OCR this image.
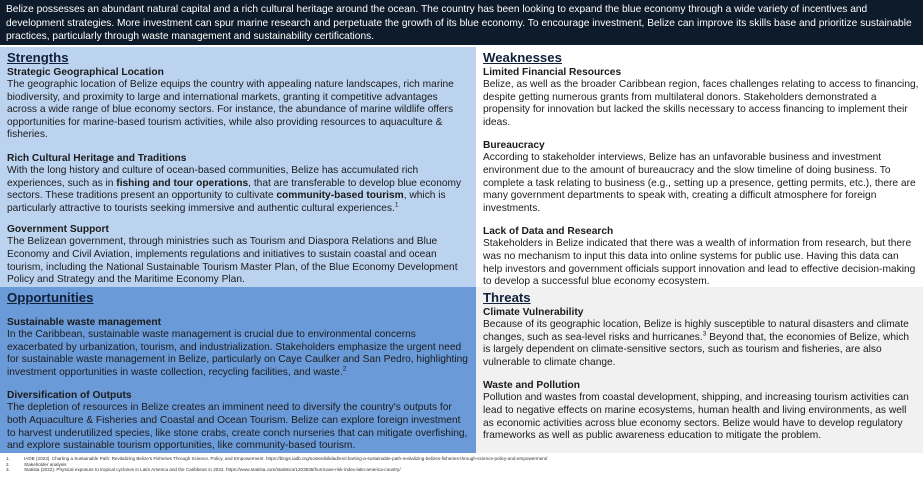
Belize possesses an abundant natural capital and a rich cultural heritage around the ocean. The country has been looking to expand the blue economy through a wide variety of incentives and development strategies. More investment can spur marine research and perpetuate the growth of its blue economy. To encourage investment, Belize can improve its skills base and prioritize sustainable practices, particularly through waste management and sustainability certifications.
Strengths
Strategic Geographical Location
The geographic location of Belize equips the country with appealing nature landscapes, rich marine biodiversity, and proximity to large and international markets, granting it competitive advantages across a wide range of blue economy sectors. For instance, the abundance of marine wildlife offers opportunities for marine-based tourism activities, while also providing resources to aquaculture & fisheries.
Rich Cultural Heritage and Traditions
With the long history and culture of ocean-based communities, Belize has accumulated rich experiences, such as in fishing and tour operations, that are transferable to develop blue economy sectors. These traditions present an opportunity to cultivate community-based tourism, which is particularly attractive to tourists seeking immersive and authentic cultural experiences.$^1$
Government Support
The Belizean government, through ministries such as Tourism and Diaspora Relations and Blue Economy and Civil Aviation, implements regulations and initiatives to sustain coastal and ocean tourism, including the National Sustainable Tourism Master Plan, of the Blue Economy Development Policy and Strategy and the Maritime Economy Plan.
Weaknesses
Limited Financial Resources
Belize, as well as the broader Caribbean region, faces challenges relating to access to financing, despite getting numerous grants from multilateral donors. Stakeholders demonstrated a propensity for innovation but lacked the skills necessary to access financing to implement their ideas.
Bureaucracy
According to stakeholder interviews, Belize has an unfavorable business and investment environment due to the amount of bureaucracy and the slow timeline of doing business. To complete a task relating to business (e.g., setting up a presence, getting permits, etc.), there are many government departments to speak with, creating a difficult atmosphere for foreign investments.
Lack of Data and Research
Stakeholders in Belize indicated that there was a wealth of information from research, but there was no mechanism to input this data into online systems for public use. Having this data can help investors and government officials support innovation and lead to effective decision-making to develop a successful blue economy ecosystem.
Opportunities
Sustainable waste management
In the Caribbean, sustainable waste management is crucial due to environmental concerns exacerbated by urbanization, tourism, and industrialization. Stakeholders emphasize the urgent need for sustainable waste management in Belize, particularly on Caye Caulker and San Pedro, highlighting investment opportunities in waste collection, recycling facilities, and waste.$^2$
Diversification of Outputs
The depletion of resources in Belize creates an imminent need to diversify the country's outputs for both Aquaculture & Fisheries and Coastal and Ocean Tourism. Belize can explore foreign investment to harvest underutilized species, like stone crabs, create conch nurseries that can mitigate overfishing, and explore sustainable tourism opportunities, like community-based tourism.
Threats
Climate Vulnerability
Because of its geographic location, Belize is highly susceptible to natural disasters and climate changes, such as sea-level risks and hurricanes.$^3$ Beyond that, the economies of Belize, which is largely dependent on climate-sensitive sectors, such as tourism and fisheries, are also vulnerable to climate change.
Waste and Pollution
Pollution and wastes from coastal development, shipping, and increasing tourism activities can lead to negative effects on marine ecosystems, human health and living environments, as well as economic activities across blue economy sectors. Belize would have to develop regulatory frameworks as well as public awareness education to mitigate the problem.
1.	IADB (2023). Charting a Sustainable Path: Revitalizing Belize's Fisheries Through Science, Policy, and Empowerment. https://blogs.iadb.org/sostenibilidad/en/charting-a-sustainable-path-revitalizing-belizes-fisheries-through-science-policy-and-empowerment/
2.	Stakeholder analysis
3.	Statista (2022). Physical exposure to tropical cyclones in Latin America and the Caribbean in 2022. https://www.statista.com/statistics/1203935/hurricane-risk-index-latin-america-country/
